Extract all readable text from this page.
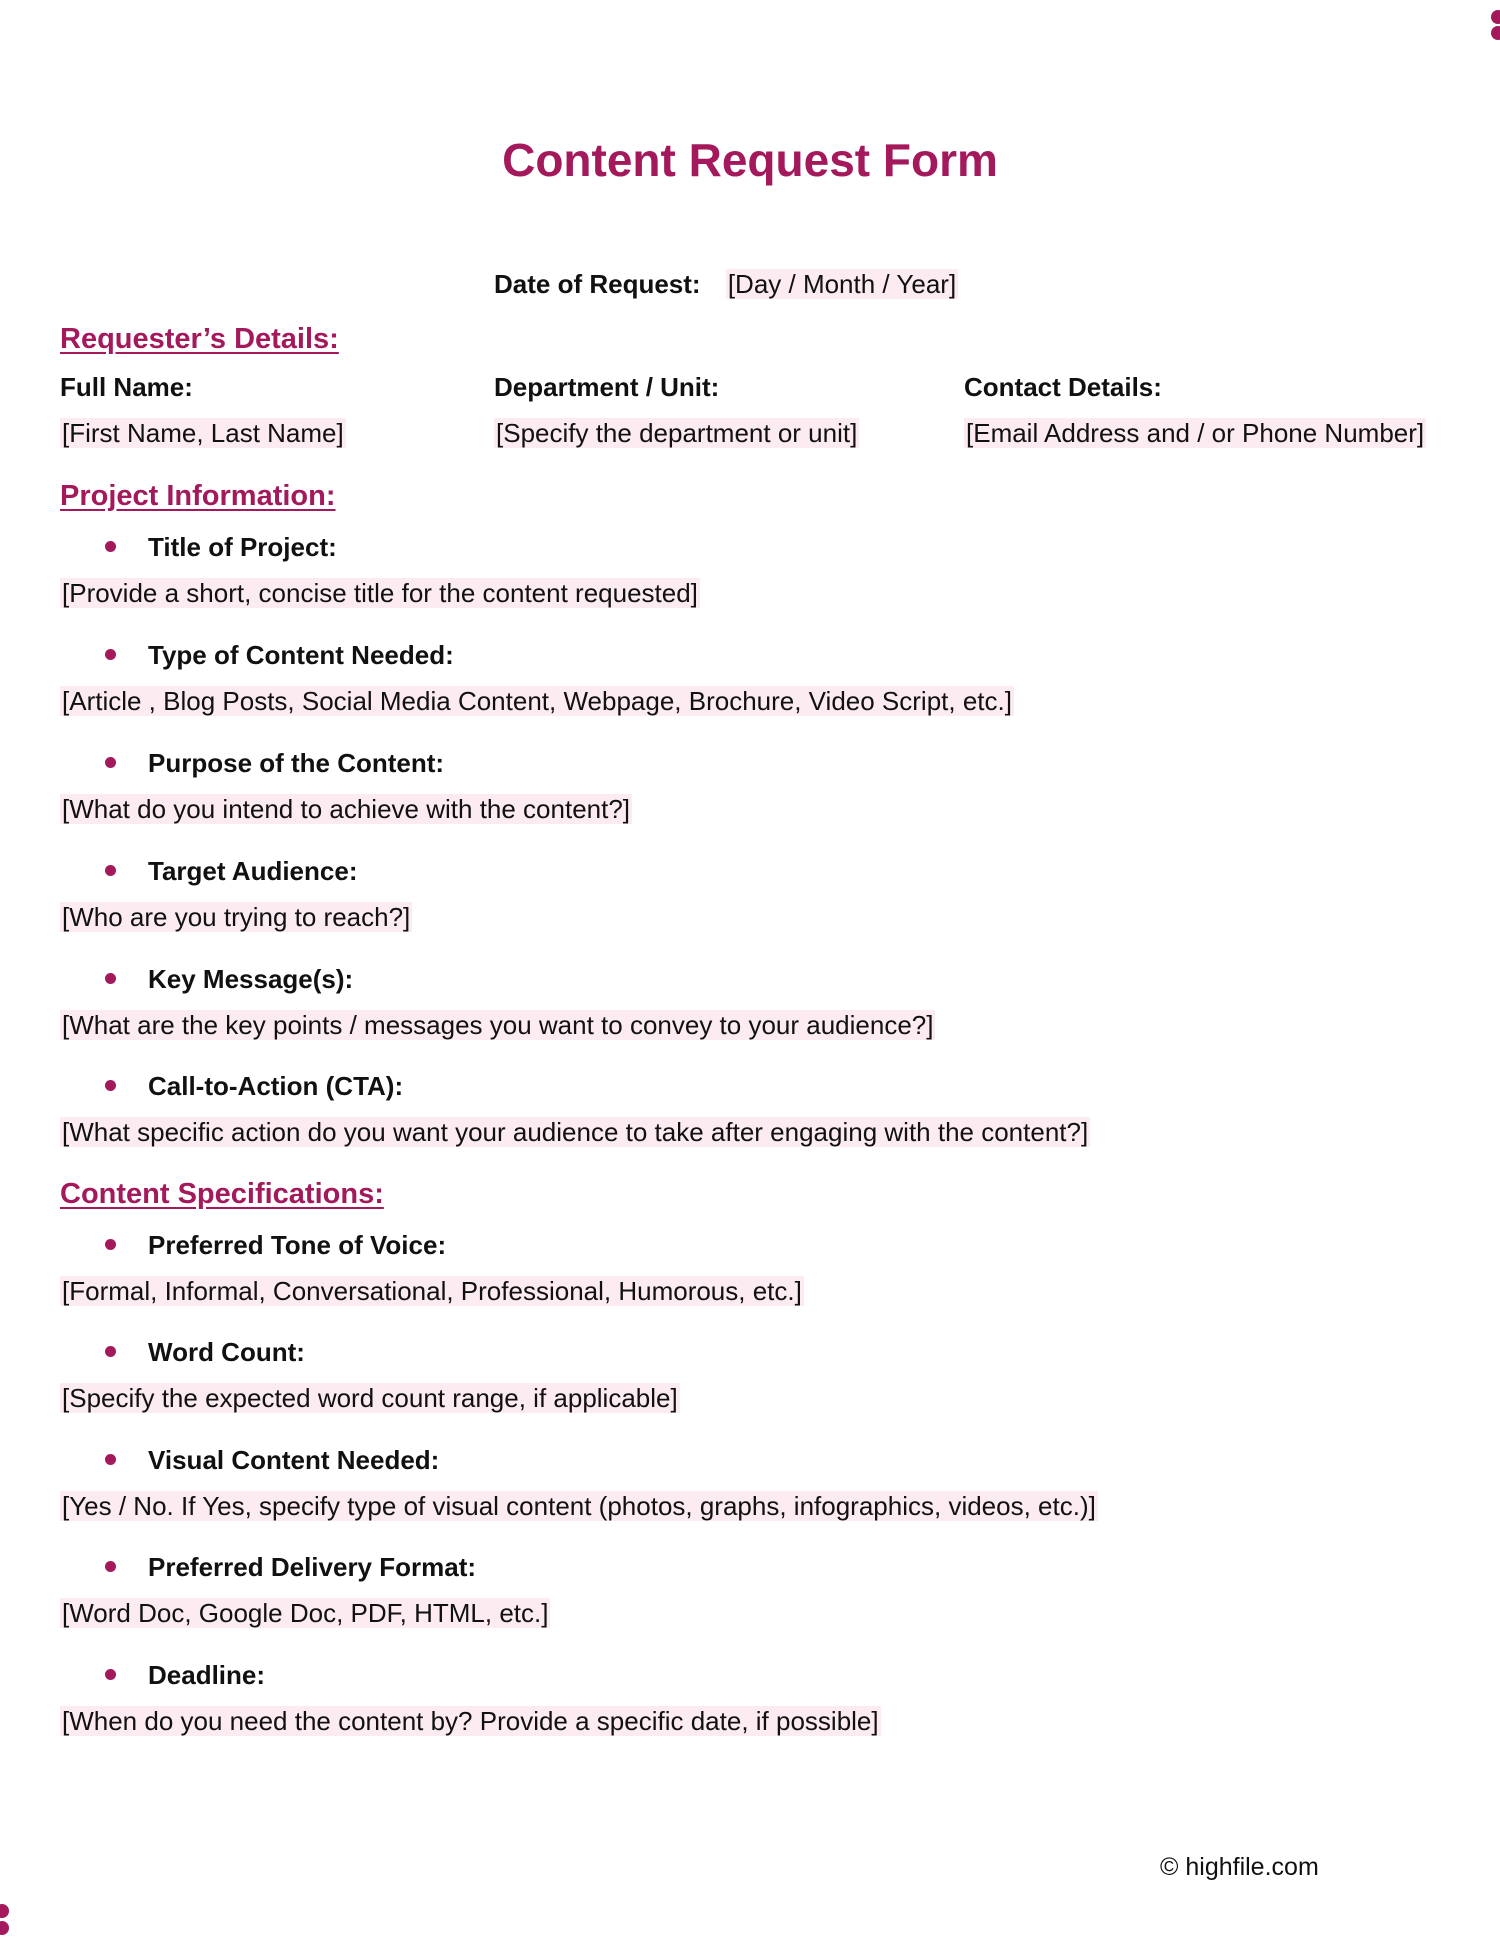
Content Request Form
Date of Request: [Day / Month / Year]
Requester’s Details:
Full Name:	Department / Unit:	Contact Details:
[First Name, Last Name]	[Specify the department or unit]	[Email Address and / or Phone Number]
Project Information:
Title of Project:
[Provide a short, concise title for the content requested]
Type of Content Needed:
[Article , Blog Posts, Social Media Content, Webpage, Brochure, Video Script, etc.]
Purpose of the Content:
[What do you intend to achieve with the content?]
Target Audience:
[Who are you trying to reach?]
Key Message(s):
[What are the key points / messages you want to convey to your audience?]
Call-to-Action (CTA):
[What specific action do you want your audience to take after engaging with the content?]
Content Specifications:
Preferred Tone of Voice:
[Formal, Informal, Conversational, Professional, Humorous, etc.]
Word Count:
[Specify the expected word count range, if applicable]
Visual Content Needed:
[Yes / No. If Yes, specify type of visual content (photos, graphs, infographics, videos, etc.)]
Preferred Delivery Format:
[Word Doc, Google Doc, PDF, HTML, etc.]
Deadline:
[When do you need the content by? Provide a specific date, if possible]
© highfile.com
